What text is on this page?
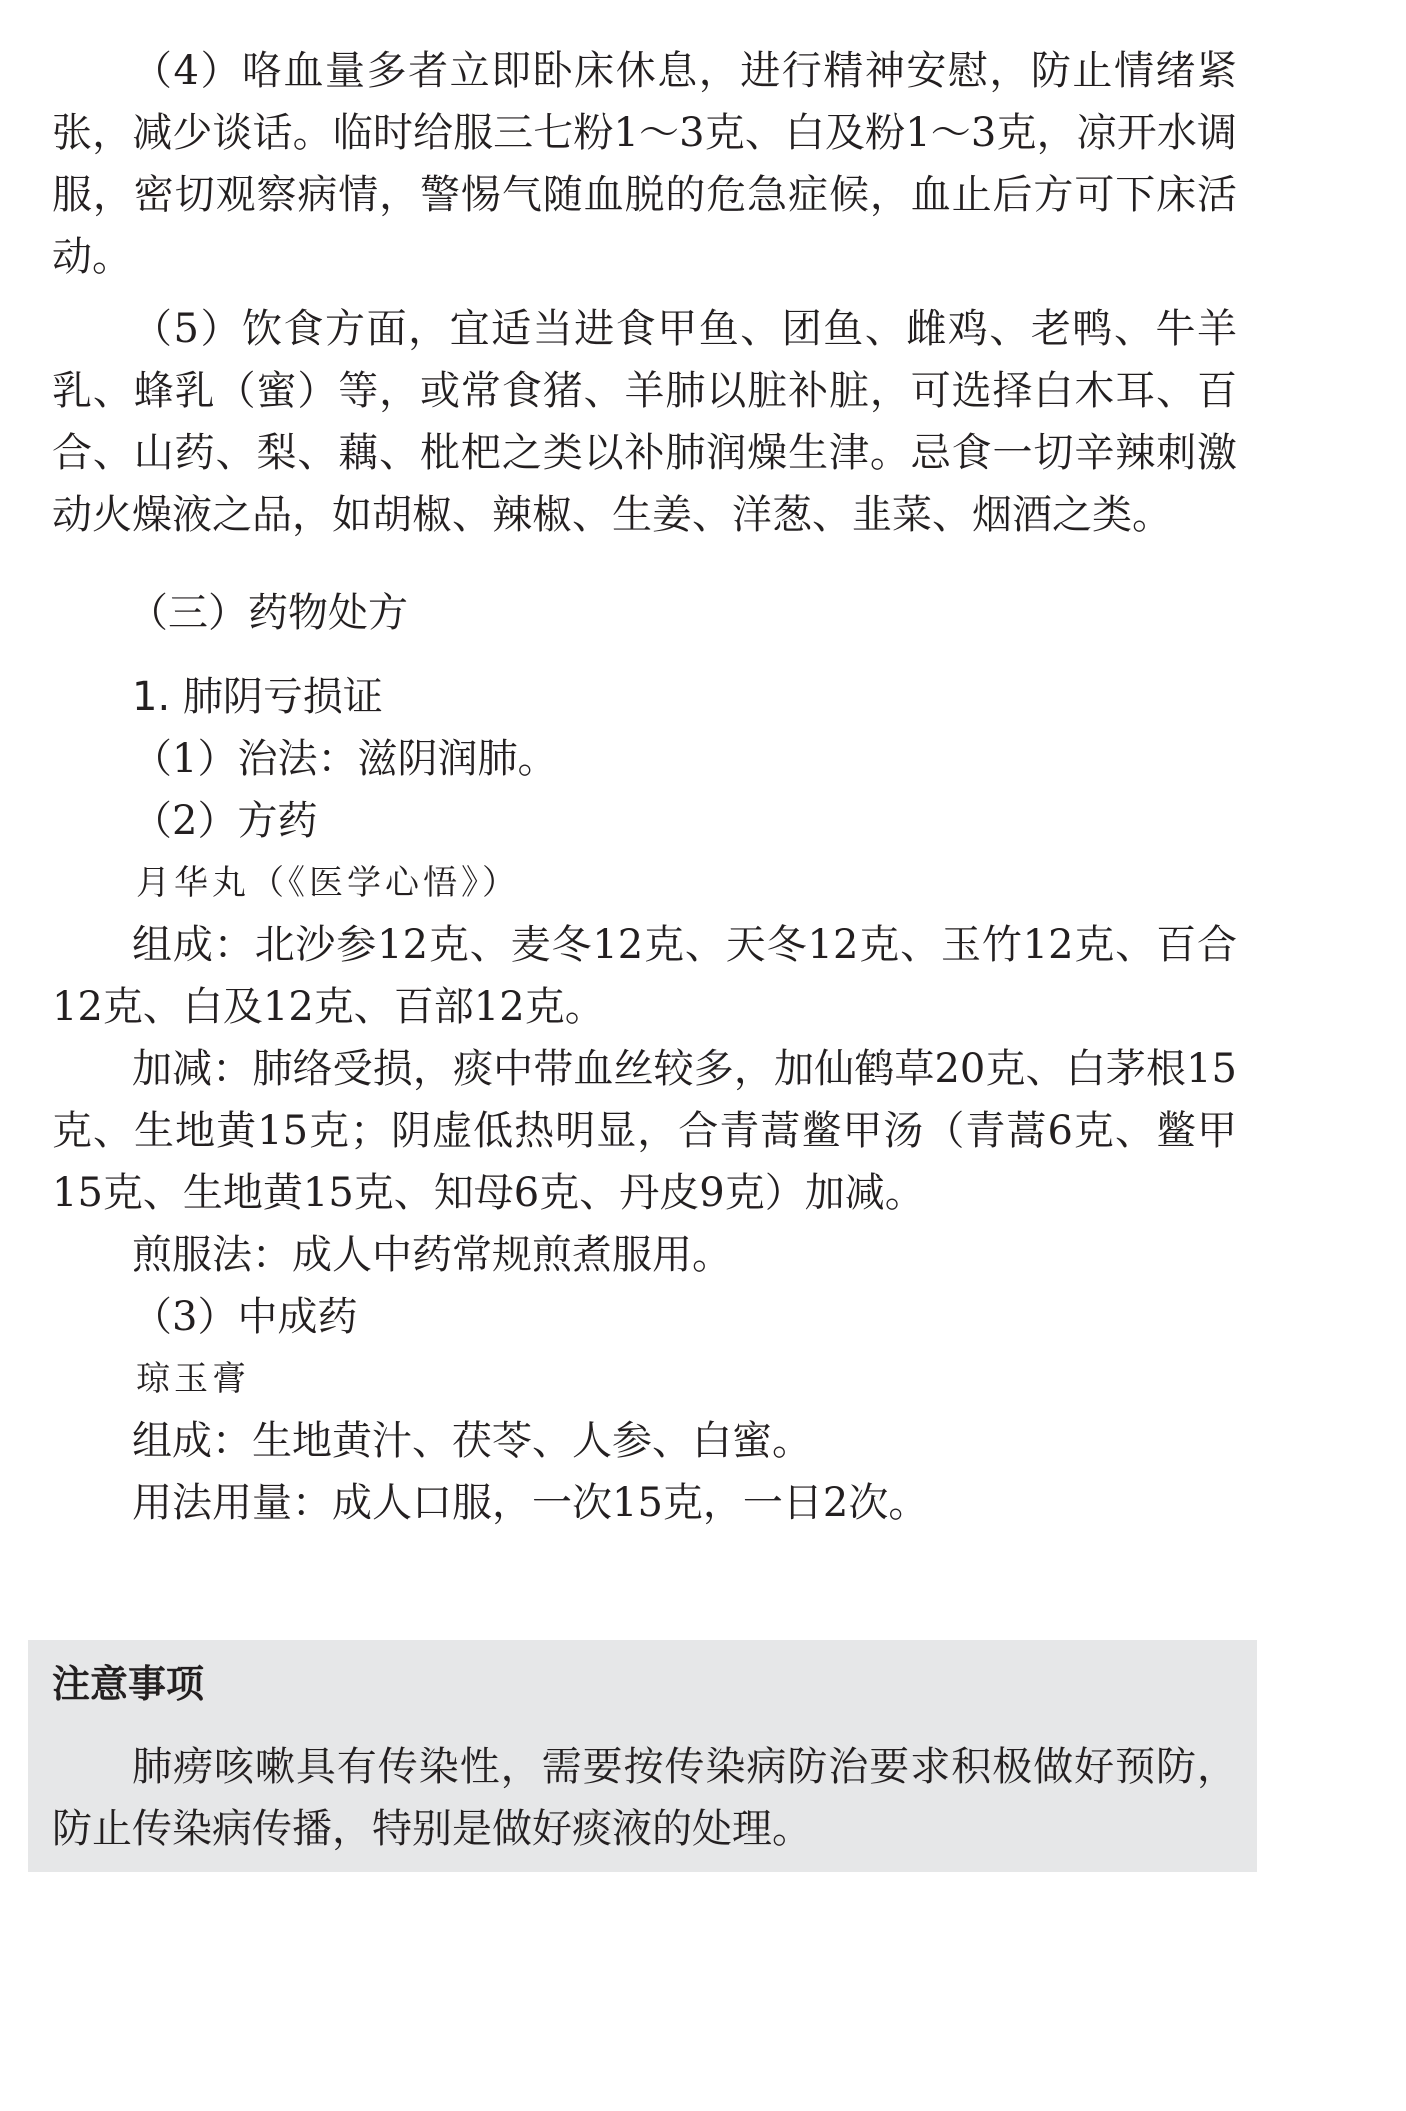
（4）咯血量多者立即卧床休息，进行精神安慰，防止情绪紧张，减少谈话。临时给服三七粉1～3克、白及粉1～3克，凉开水调服，密切观察病情，警惕气随血脱的危急症候，血止后方可下床活动。

（5）饮食方面，宜适当进食甲鱼、团鱼、雌鸡、老鸭、牛羊乳、蜂乳（蜜）等，或常食猪、羊肺以脏补脏，可选择白木耳、百合、山药、梨、藕、枇杷之类以补肺润燥生津。忌食一切辛辣刺激动火燥液之品，如胡椒、辣椒、生姜、洋葱、韭菜、烟酒之类。

（三）药物处方
1. 肺阴亏损证

（1）治法：滋阴润肺。

（2）方药

月华丸（《医学心悟》）

组成：北沙参12克、麦冬12克、天冬12克、玉竹12克、百合12克、白及12克、百部12克。

加减：肺络受损，痰中带血丝较多，加仙鹤草20克、白茅根15克、生地黄15克；阴虚低热明显，合青蒿鳖甲汤（青蒿6克、鳖甲15克、生地黄15克、知母6克、丹皮9克）加减。

煎服法：成人中药常规煎煮服用。

（3）中成药

琼玉膏

组成：生地黄汁、茯苓、人参、白蜜。

用法用量：成人口服，一次15克，一日2次。

注意事项

肺痨咳嗽具有传染性，需要按传染病防治要求积极做好预防，防止传染病传播，特别是做好痰液的处理。
